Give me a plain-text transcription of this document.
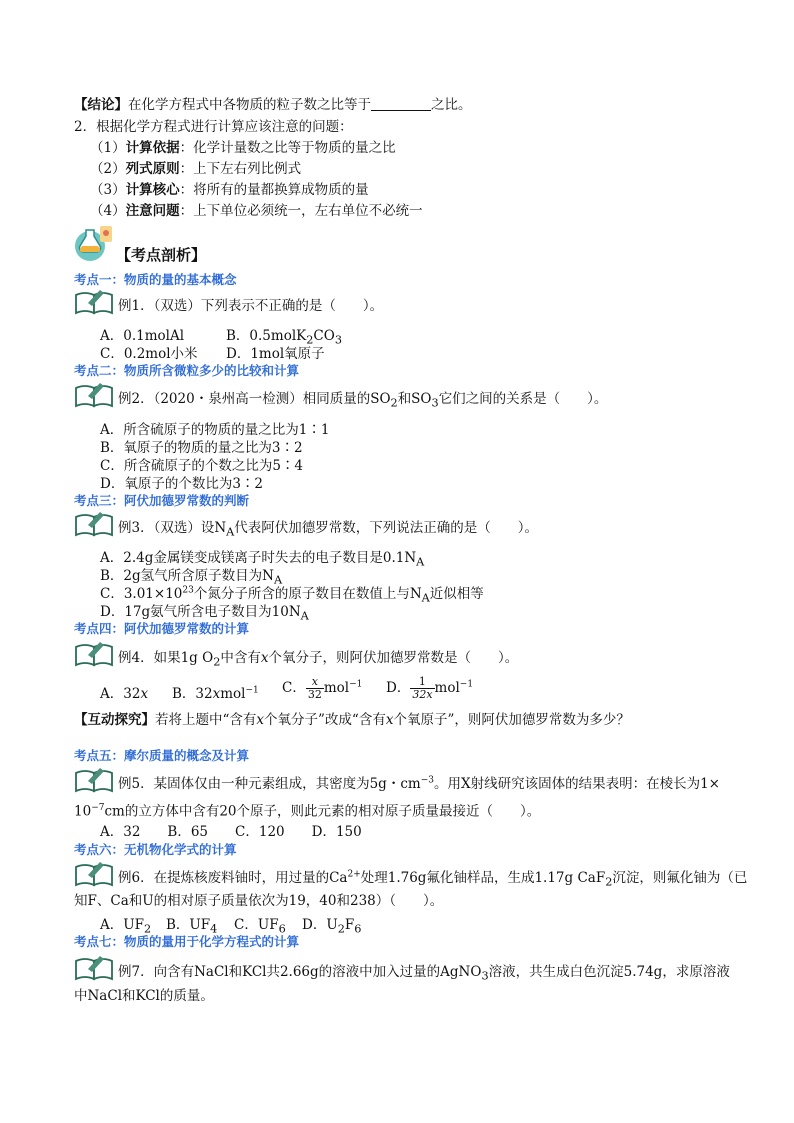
【结论】在化学方程式中各物质的粒子数之比等于	之比。
2．根据化学方程式进行计算应该注意的问题：
（1）计算依据：化学计量数之比等于物质的量之比
（2）列式原则：上下左右列比例式
（3）计算核心：将所有的量都换算成物质的量
（4）注意问题：上下单位必须统一，左右单位不必统一
【考点剖析】
考点一：物质的量的基本概念
例1．（双选）下列表示不正确的是（　　）。
A．0.1molAl	B．$0.5molK_2CO_3$
C．0.2mol小米 D．1mol氧原子
考点二：物质所含微粒多少的比较和计算
例2．（2020・泉州高一检测）相同质量的$SO_2$和$SO_3$它们之间的关系是（　　）。
A．所含硫原子的物质的量之比为1∶1
B．氧原子的物质的量之比为3∶2
C．所含硫原子的个数之比为5∶4
D．氧原子的个数比为3∶2
考点三：阿伏加德罗常数的判断
例3．（双选）设$N_A$代表阿伏加德罗常数，下列说法正确的是（　　）。
A．2.4g金属镁变成镁离子时失去的电子数目是$0.1N_A$
B．2g氢气所含原子数目为$N_A$
C．$3.01\times 10^{23}$个氮分子所含的原子数目在数值上与$N_A$近似相等
D．17g氨气所含电子数目为$10N_A$
考点四：阿伏加德罗常数的计算
例4．如果1g $O_2$中含有x个氧分子，则阿伏加德罗常数是（　　）。
A．32x B．32xmol$^{-1}$ C． $\frac{x}{32} mol^{-1}$ D． $\frac{1}{32x} mol^{-1}$
【互动探究】若将上题中“含有x个氧分子”改成“含有x个氧原子”，则阿伏加德罗常数为多少？
考点五：摩尔质量的概念及计算
例5．某固体仅由一种元素组成，其密度为5g・$cm^{-3}$。用X射线研究该固体的结果表明：在棱长为1×
$10^{-7}cm$的立方体中含有20个原子，则此元素的相对原子质量最接近（　　）。
A．32　　B．65　　C．120　　D．150
考点六：无机物化学式的计算
例6．在提炼核废料铀时，用过量的$Ca^{2+}$处理1.76g氟化铀样品，生成1.17g CaF$_2$沉淀，则氟化铀为（已
知F、Ca和U的相对原子质量依次为19，40和238）（　　）。
A．$UF_2$ B．$UF_4$ C．$UF_6$ D．$U_2F_6$
考点七：物质的量用于化学方程式的计算
例7．向含有NaCl和KCl共2.66g的溶液中加入过量的AgNO$_3$溶液，共生成白色沉淀5.74g，求原溶液
中NaCl和KCl的质量。
